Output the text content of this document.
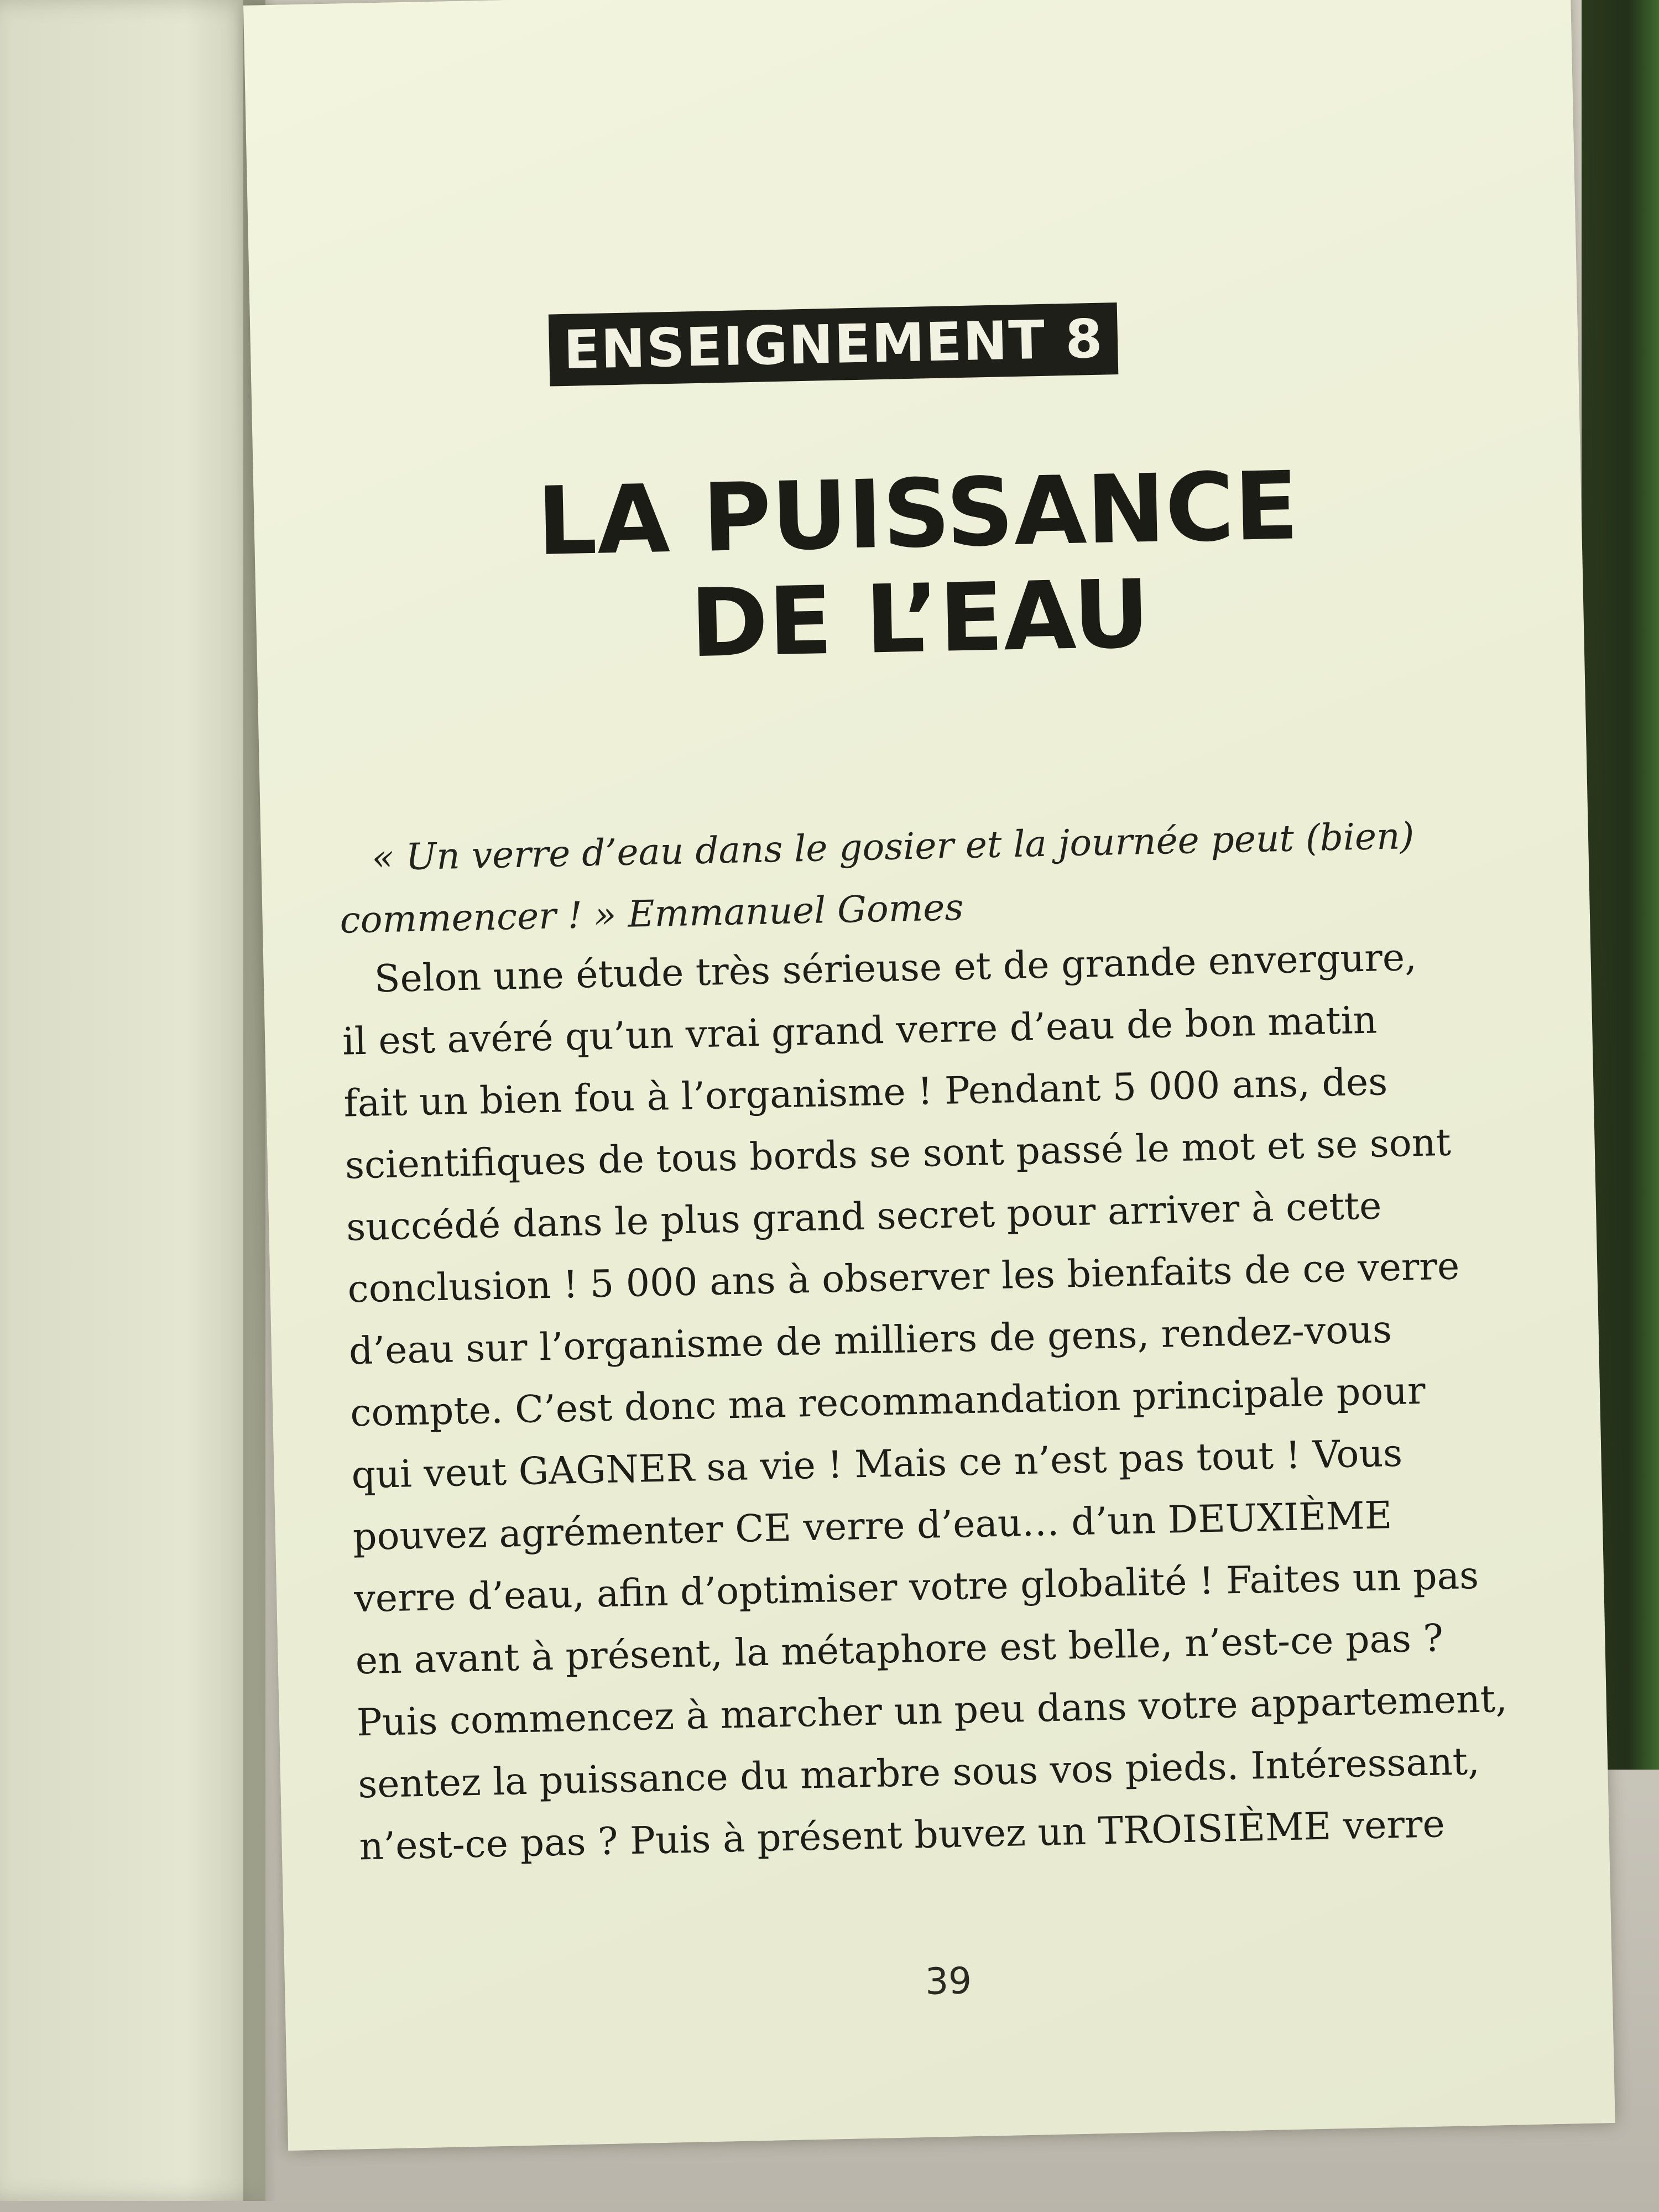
ENSEIGNEMENT 8
LA PUISSANCE
DE L’EAU
« Un verre d’eau dans le gosier et la journée peut (bien)
commencer ! » Emmanuel Gomes
Selon une étude très sérieuse et de grande envergure,
il est avéré qu’un vrai grand verre d’eau de bon matin
fait un bien fou à l’organisme ! Pendant 5 000 ans, des
scientifiques de tous bords se sont passé le mot et se sont
succédé dans le plus grand secret pour arriver à cette
conclusion ! 5 000 ans à observer les bienfaits de ce verre
d’eau sur l’organisme de milliers de gens, rendez-vous
compte. C’est donc ma recommandation principale pour
qui veut GAGNER sa vie ! Mais ce n’est pas tout ! Vous
pouvez agrémenter CE verre d’eau… d’un DEUXIÈME
verre d’eau, afin d’optimiser votre globalité ! Faites un pas
en avant à présent, la métaphore est belle, n’est-ce pas ?
Puis commencez à marcher un peu dans votre appartement,
sentez la puissance du marbre sous vos pieds. Intéressant,
n’est-ce pas ? Puis à présent buvez un TROISIÈME verre
39
